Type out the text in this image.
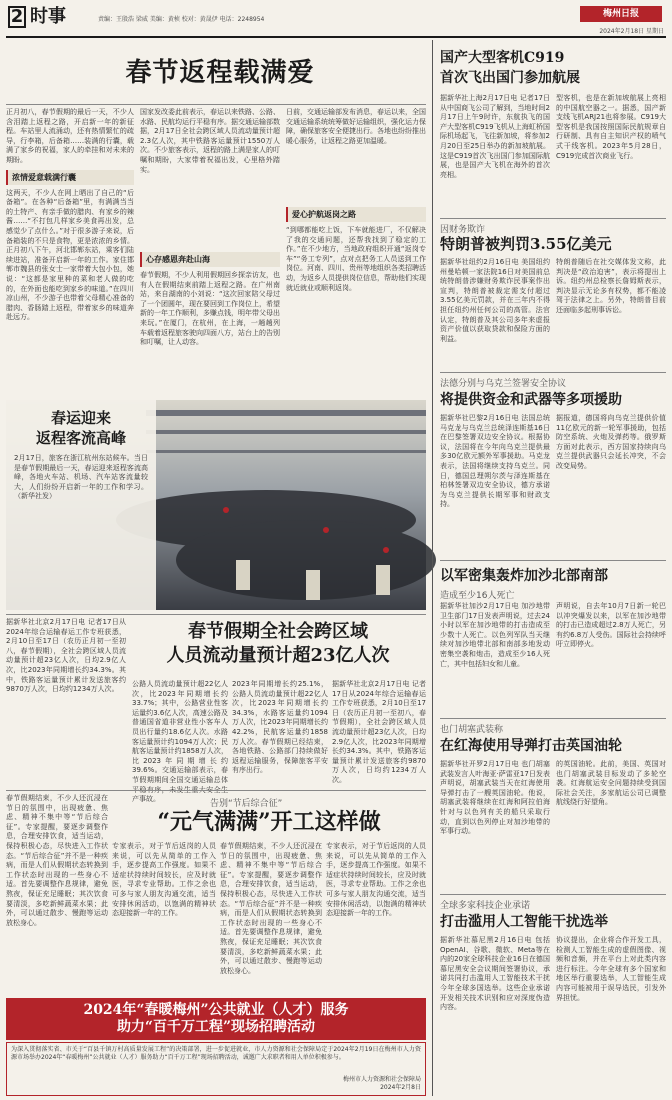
2 时事	责编：王殷浩 梁威 美编：黄桢 校对：黄晟伊 电话：2248954
梅州日报
2024年2月18日 星期日
春节返程载满爱
正月初八，春节假期的最后一天，不少人含泪踏上返程之路，开启新一年的新征程。车站里人流涌动，还有热情繁忙的疏导，行李箱，后备箱……装满的行囊，载满了家乡的祝福，家人的牵挂和对未来的期盼。
浓情爱意载满行囊
这两天，不少人在网上晒出了自己的“后备箱”。在各种“后备箱”里，有满满当当的土特产、有亲手做的腊肉、有家乡的辣酱……“不打包几样家乡美食再出发，总感觉少了点什么。”对于很多游子来说，后备箱装的不只是食物，更是浓浓的乡情。正月初八下午，河北邯郸东站，乘客们陆续进站，准备开启新一年的工作。家住邯郸市魏县的张女士一家带着大包小包，她说：“这都是家里种的菜和老人做的吃的，在外面也能吃到家乡的味道。”在四川凉山州，不少游子也带着父母精心准备的腊肉、香肠踏上返程，带着家乡的味道奔赴远方。
国家发改委此前表示，春运以来铁路、公路、水路、民航均运行平稳有序。据交通运输部数据，2月17日全社会跨区域人员流动量预计超2.3亿人次，其中铁路客运量预计1550万人次。不少旅客表示，返程的路上满是家人的叮嘱和期盼，大家带着祝福出发，心里格外踏实。
心存感恩奔赴山海
春节假期，不少人利用假期回乡探亲访友，也有人在假期结束前踏上返程之路。在广州南站，来自湖南的小刘说：“这次回家陪父母过了一个团圆年，现在要回到工作岗位上，希望新的一年工作顺利，多赚点钱，明年带父母出来玩。”在厦门，在杭州，在上海，一趟趟列车载着返程旅客驶向四面八方，站台上的告别和叮嘱，让人动容。
日前，交通运输部发布消息，春运以来，全国交通运输系统统筹做好运输组织，强化运力保障，确保旅客安全便捷出行。各地也纷纷推出暖心服务，让返程之路更加温暖。
爱心护航返岗之路
“到哪都能吃上饭，下车就能进厂，不仅解决了我的交通问题，还帮我找到了稳定的工作。”在不少地方，当地政府组织开通“返岗专车”“务工专列”，点对点把务工人员送到工作岗位。河南、四川、贵州等地组织各类招聘活动，为返乡人员提供岗位信息，帮助他们实现就近就业或顺利返岗。
春运迎来
返程客流高峰
2月17日，旅客在浙江杭州东站候车。当日是春节假期最后一天，春运迎来返程客流高峰，各地火车站、机场、汽车站客流量较大，人们纷纷开启新一年的工作和学习。（新华社发）
据新华社北京2月17日电 记者17日从2024年综合运输春运工作专班获悉，2月10日至17日（农历正月初一至初八，春节假期），全社会跨区域人员流动量预计超23亿人次，日均2.9亿人次，比2023年同期增长约34.3%。其中，铁路客运量预计累计发送旅客约9870万人次，日均约1234万人次。
春节假期全社会跨区域
人员流动量预计超23亿人次
公路人员流动量预计超22亿人次，比2023年同期增长约33.7%；其中，公路营业性客运量约3.6亿人次，高速公路及普通国省道非营业性小客车人员出行量约18.6亿人次。水路客运量预计约1094万人次；民航客运量预计约1858万人次，比2023年同期增长约39.6%。交通运输部表示，春节假期期间全国交通运输总体 产事故。
2023年同期增长约25.1%，公路人员流动量预计超22亿人次，比2023年同期增长约34.3%，水路客运量约1094万人次，比2023年同期增长约42.2%，民航客运量约1858万人次。春节假期已经结束，各地铁路、公路部门持续做好返程运输服务，保障旅客平安有序出行。
据新华社北京2月17日电 记者17日从2024年综合运输春运工作专班获悉，2月10日至17日（农历正月初一至初八，春节假期），全社会跨区域人员流动量预计超23亿人次，日均2.9亿人次，比2023年同期增长约34.3%。其中，铁路客运量预计累计发送旅客约9870万人次，日均约1234万人次。
春节假期结束，不少人还沉浸在节日的氛围中，出现疲惫、焦虑、精神不集中等“节后综合征”。专家提醒，要逐步调整作息，合理安排饮食，适当运动，保持积极心态，尽快进入工作状态。“节后综合征”并不是一种疾病，而是人们从假期状态转换到工作状态时出现的一些身心不适。首先要调整作息规律，避免熬夜，保证充足睡眠；其次饮食要清淡，多吃新鲜蔬菜水果；此外，可以通过散步、慢跑等运动放松身心。
告别“节后综合征”
“元气满满”开工这样做
专家表示，对于节后返岗的人员来说，可以先从简单的工作入手，逐步提高工作强度。如果不适症状持续时间较长，应及时就医，寻求专业帮助。工作之余也可多与家人朋友沟通交流，适当安排休闲活动，以饱满的精神状态迎接新一年的工作。
春节假期结束，不少人还沉浸在节日的氛围中，出现疲惫、焦虑、精神不集中等“节后综合征”。专家提醒，要逐步调整作息，合理安排饮食，适当运动，保持积极心态，尽快进入工作状态。“节后综合征”并不是一种疾病，而是人们从假期状态转换到工作状态时出现的一些身心不适。首先要调整作息规律，避免熬夜，保证充足睡眠；其次饮食要清淡，多吃新鲜蔬菜水果；此外，可以通过散步、慢跑等运动放松身心。
专家表示，对于节后返岗的人员来说，可以先从简单的工作入手，逐步提高工作强度。如果不适症状持续时间较长，应及时就医，寻求专业帮助。工作之余也可多与家人朋友沟通交流，适当安排休闲活动，以饱满的精神状态迎接新一年的工作。
2024年“春暖梅州”公共就业（人才）服务
助力“百千万工程”现场招聘活动
为深入贯彻落实省、市关于“百县千镇万村高质量发展工程”的决策部署，进一步促进就业，市人力资源和社会保障局定于2024年2月19日在梅州市人力资源市场举办2024年“春暖梅州”公共就业（人才）服务助力“百千万工程”现场招聘活动，诚邀广大求职者和用人单位积极参与。
梅州市人力资源和社会保障局
2024年2月8日
国产大型客机C919
首次飞出国门参加航展
据新华社上海2月17日电 记者17日从中国商飞公司了解到，当地时间2月17日上午9时许，东航执飞的国产大型客机C919飞机从上海虹桥国际机场起飞，飞往新加坡，将参加2月20日至25日举办的新加坡航展。这是C919首次飞出国门参加国际航展，也是国产大飞机在海外的首次亮相。
型客机，也是在新加坡航展上亮相的中国航空器之一。据悉，国产新支线飞机ARJ21也将参展。C919大型客机是我国按照国际民航规章自行研制、具有自主知识产权的喷气式干线客机。2023年5月28日，C919完成首次商业飞行。
因财务欺诈
特朗普被判罚3.55亿美元
据新华社纽约2月16日电 美国纽约州曼哈顿一家法院16日对美国前总统特朗普涉嫌财务欺诈民事案作出宣判，特朗普被裁定需支付超过3.55亿美元罚款，并在三年内不得担任纽约州任何公司的高管。法官认定，特朗普及其公司多年来虚报资产价值以获取贷款和保险方面的利益。
特朗普随后在社交媒体发文称，此判决是“政治迫害”，表示将提出上诉。纽约州总检察长詹姆斯表示，判决显示无论多有权势，都不能凌驾于法律之上。另外，特朗普目前还面临多起刑事诉讼。
法德分别与乌克兰签署安全协议
将提供资金和武器等多项援助
据新华社巴黎2月16日电 法国总统马克龙与乌克兰总统泽连斯基16日在巴黎签署双边安全协议。根据协议，法国将在今年向乌克兰提供最多30亿欧元额外军事援助。马克龙表示，法国将继续支持乌克兰。同日，德国总理朔尔茨与泽连斯基在柏林签署双边安全协议，德方承诺为乌克兰提供长期军事和财政支持。
据报道，德国将向乌克兰提供价值11亿欧元的新一轮军事援助，包括防空系统、火炮及弹药等。俄罗斯方面对此表示，西方国家持续向乌克兰提供武器只会延长冲突，不会改变局势。
以军密集轰炸加沙北部南部
造成至少16人死亡
据新华社加沙2月17日电 加沙地带卫生部门17日发表声明说，过去24小时以军在加沙地带的打击造成至少数十人死亡。以色列军队当天继续对加沙地带北部和南部多地发动密集空袭和炮击，造成至少16人死亡，其中包括妇女和儿童。
声明说，自去年10月7日新一轮巴以冲突爆发以来，以军在加沙地带的打击已造成超过2.8万人死亡，另有约6.8万人受伤。国际社会持续呼吁立即停火。
也门胡塞武装称
在红海使用导弹打击英国油轮
据新华社开罗2月17日电 也门胡塞武装发言人叶海亚·萨雷亚17日发表声明说，胡塞武装当天在红海使用导弹打击了一艘英国油轮。他说，胡塞武装将继续在红海和阿拉伯海针对与以色列有关的船只采取行动，直到以色列停止对加沙地带的军事行动。
的英国油轮。此前，美国、英国对也门胡塞武装目标发动了多轮空袭。红海航运安全问题持续受到国际社会关注，多家航运公司已调整航线绕行好望角。
全球多家科技企业承诺
打击滥用人工智能干扰选举
据新华社慕尼黑2月16日电 包括OpenAI、谷歌、微软、Meta等在内的20家全球科技企业16日在德国慕尼黑安全会议期间签署协议，承诺共同打击滥用人工智能技术干扰今年全球多国选举。这些企业承诺开发相关技术识别和应对深度伪造内容。
协议提出，企业将合作开发工具，检测人工智能生成的虚假图像、视频和音频，并在平台上对此类内容进行标注。今年全球有多个国家和地区举行重要选举，人工智能生成内容可能被用于误导选民，引发外界担忧。
